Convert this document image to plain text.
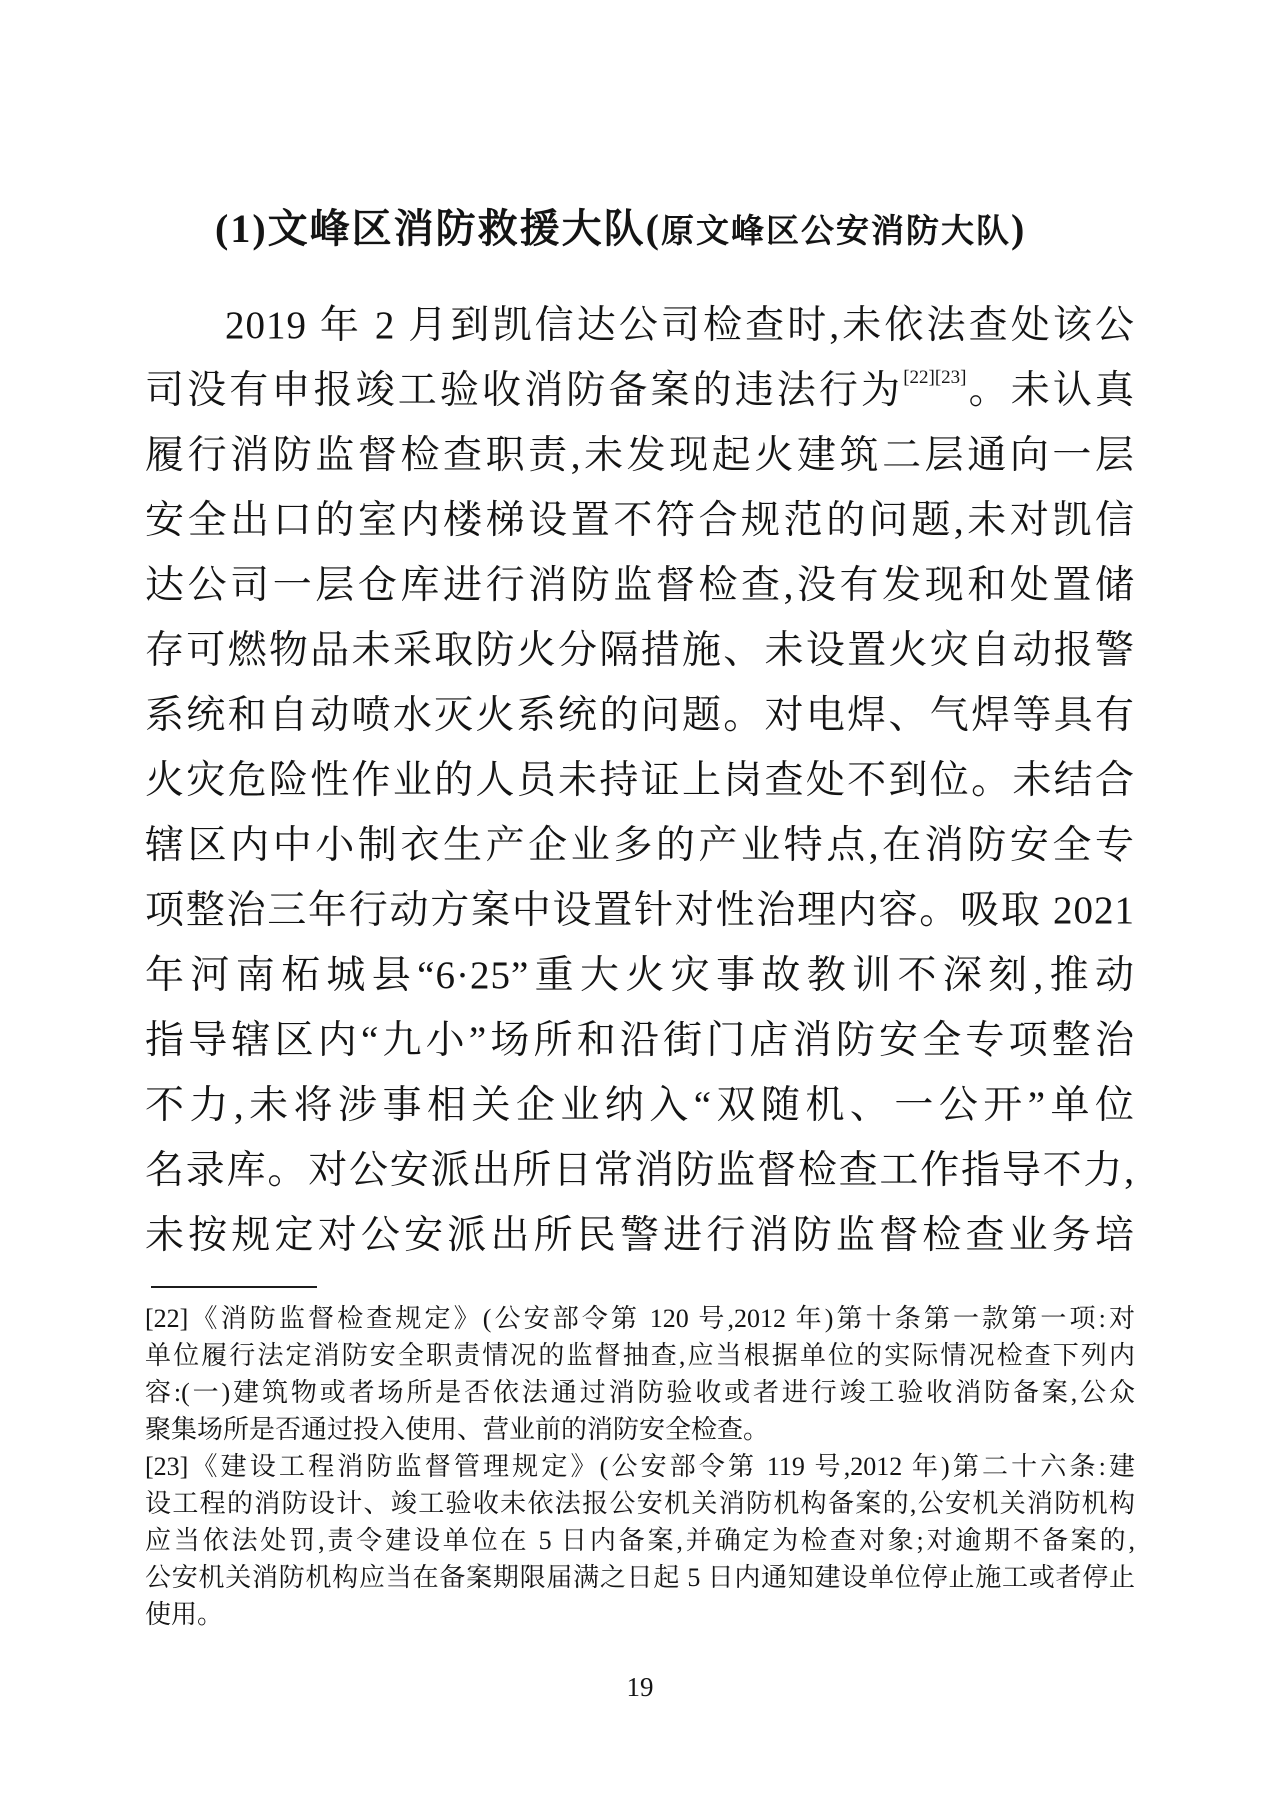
(1)文峰区消防救援大队(原文峰区公安消防大队)
2019 年 2 月到凯信达公司检查时,未依法查处该公
司没有申报竣工验收消防备案的违法行为[22][23]。未认真
履行消防监督检查职责,未发现起火建筑二层通向一层
安全出口的室内楼梯设置不符合规范的问题,未对凯信
达公司一层仓库进行消防监督检查,没有发现和处置储
存可燃物品未采取防火分隔措施、未设置火灾自动报警
系统和自动喷水灭火系统的问题。对电焊、气焊等具有
火灾危险性作业的人员未持证上岗查处不到位。未结合
辖区内中小制衣生产企业多的产业特点,在消防安全专
项整治三年行动方案中设置针对性治理内容。吸取 2021
年河南柘城县“6·25”重大火灾事故教训不深刻,推动
指导辖区内“九小”场所和沿街门店消防安全专项整治
不力,未将涉事相关企业纳入“双随机、一公开”单位
名录库。对公安派出所日常消防监督检查工作指导不力,
未按规定对公安派出所民警进行消防监督检查业务培
[22]《消防监督检查规定》(公安部令第 120 号,2012 年)第十条第一款第一项:对
单位履行法定消防安全职责情况的监督抽查,应当根据单位的实际情况检查下列内
容:(一)建筑物或者场所是否依法通过消防验收或者进行竣工验收消防备案,公众
聚集场所是否通过投入使用、营业前的消防安全检查。
[23]《建设工程消防监督管理规定》(公安部令第 119 号,2012 年)第二十六条:建
设工程的消防设计、竣工验收未依法报公安机关消防机构备案的,公安机关消防机构
应当依法处罚,责令建设单位在 5 日内备案,并确定为检查对象;对逾期不备案的,
公安机关消防机构应当在备案期限届满之日起 5 日内通知建设单位停止施工或者停止
使用。
19
